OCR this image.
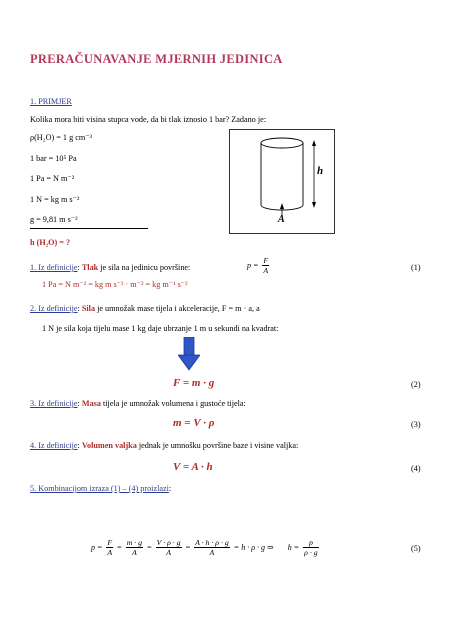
PRERAČUNAVANJE MJERNIH JEDINICA
1. PRIMJER
Kolika mora biti visina stupca vode, da bi tlak iznosio 1 bar? Zadano je:
ρ(H₂O) = 1 g cm⁻³
1 bar = 10⁵ Pa
1 Pa = N m⁻²
1 N = kg m s⁻²
g = 9,81 m s⁻²
h (H₂O) = ?
h
A
1. Iz definicije: Tlak je sila na jedinicu površine:	$p = \frac{F}{A}$	(1)
1 Pa = N m⁻² = kg m s⁻² · m⁻² = kg m⁻¹ s⁻²
2. Iz definicije: Sila je umnožak mase tijela i akceleracije, F = m · a, a
1 N je sila koja tijelu mase 1 kg daje ubrzanje 1 m u sekundi na kvadrat:
F = m · g	(2)
3. Iz definicije: Masa tijela je umnožak volumena i gustoće tijela:
m = V · ρ	(3)
4. Iz definicije: Volumen valjka jednak je umnošku površine baze i visine valjka:
V = A · h	(4)
5. Kombinacijom izraza (1) – (4) proizlazi:
$p = \frac{F}{A} = \frac{m \cdot g}{A} = \frac{V \cdot \rho \cdot g}{A} = \frac{A \cdot h \cdot \rho \cdot g}{A} = h \cdot \rho \cdot g$ ⇒ $h = \frac{p}{\rho \cdot g}$	(5)
